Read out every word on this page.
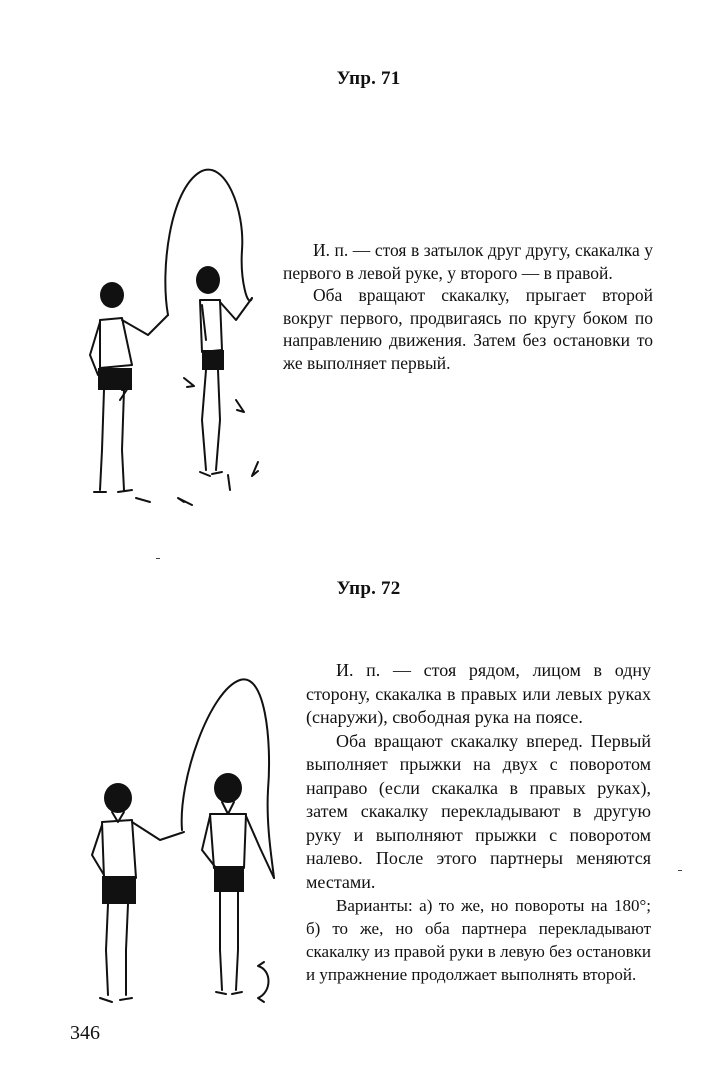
Упр. 71

И. п. — стоя в затылок друг другу, скакалка у первого в левой руке, у второго — в правой.

Оба вращают скакалку, прыгает второй вокруг первого, продвигаясь по кругу боком по направлению движения. Затем без остановки то же выполняет первый.

Упр. 72

И. п. — стоя рядом, лицом в одну сторону, скакалка в правых или левых руках (снаружи), свободная рука на поясе.

Оба вращают скакалку вперед. Первый выполняет прыжки на двух с поворотом направо (если скакалка в правых руках), затем скакалку перекладывают в другую руку и выполняют прыжки с поворотом налево. После этого партнеры меняются местами.

Варианты: а) то же, но повороты на 180°; б) то же, но оба партнера перекладывают скакалку из правой руки в левую без остановки и упражнение продолжает выполнять второй.

346
